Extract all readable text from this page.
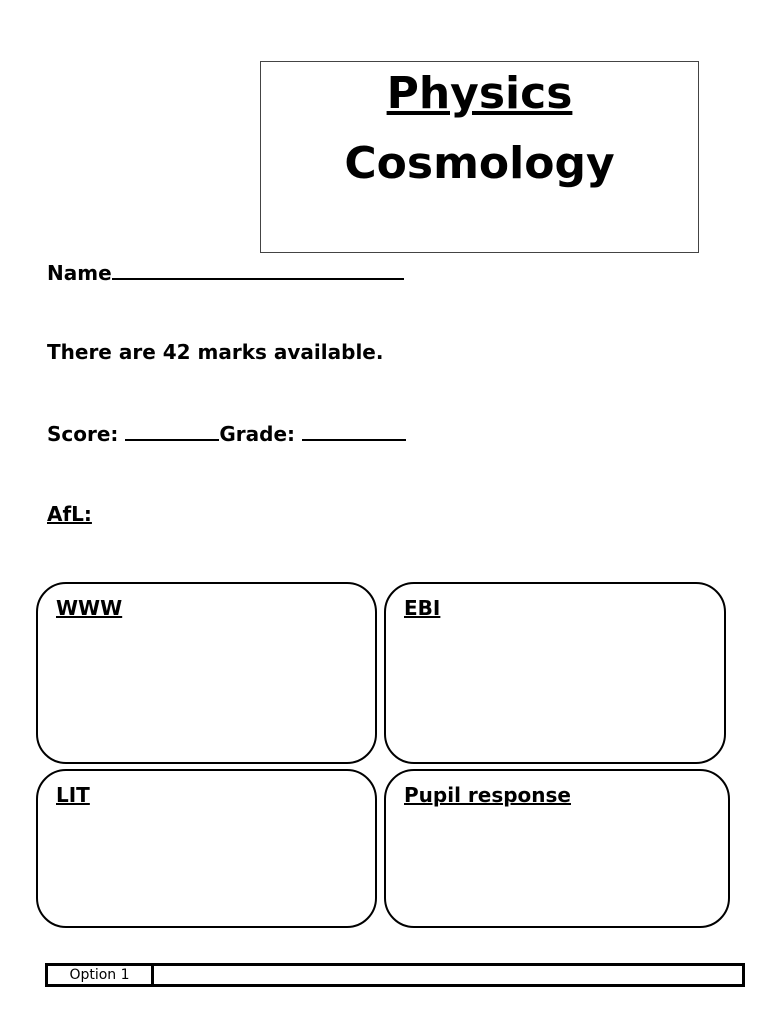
Physics
Cosmology
Name
There are 42 marks available.
Score:	Grade:
AfL:
WWW	EBI
LIT	Pupil response
Option 1
